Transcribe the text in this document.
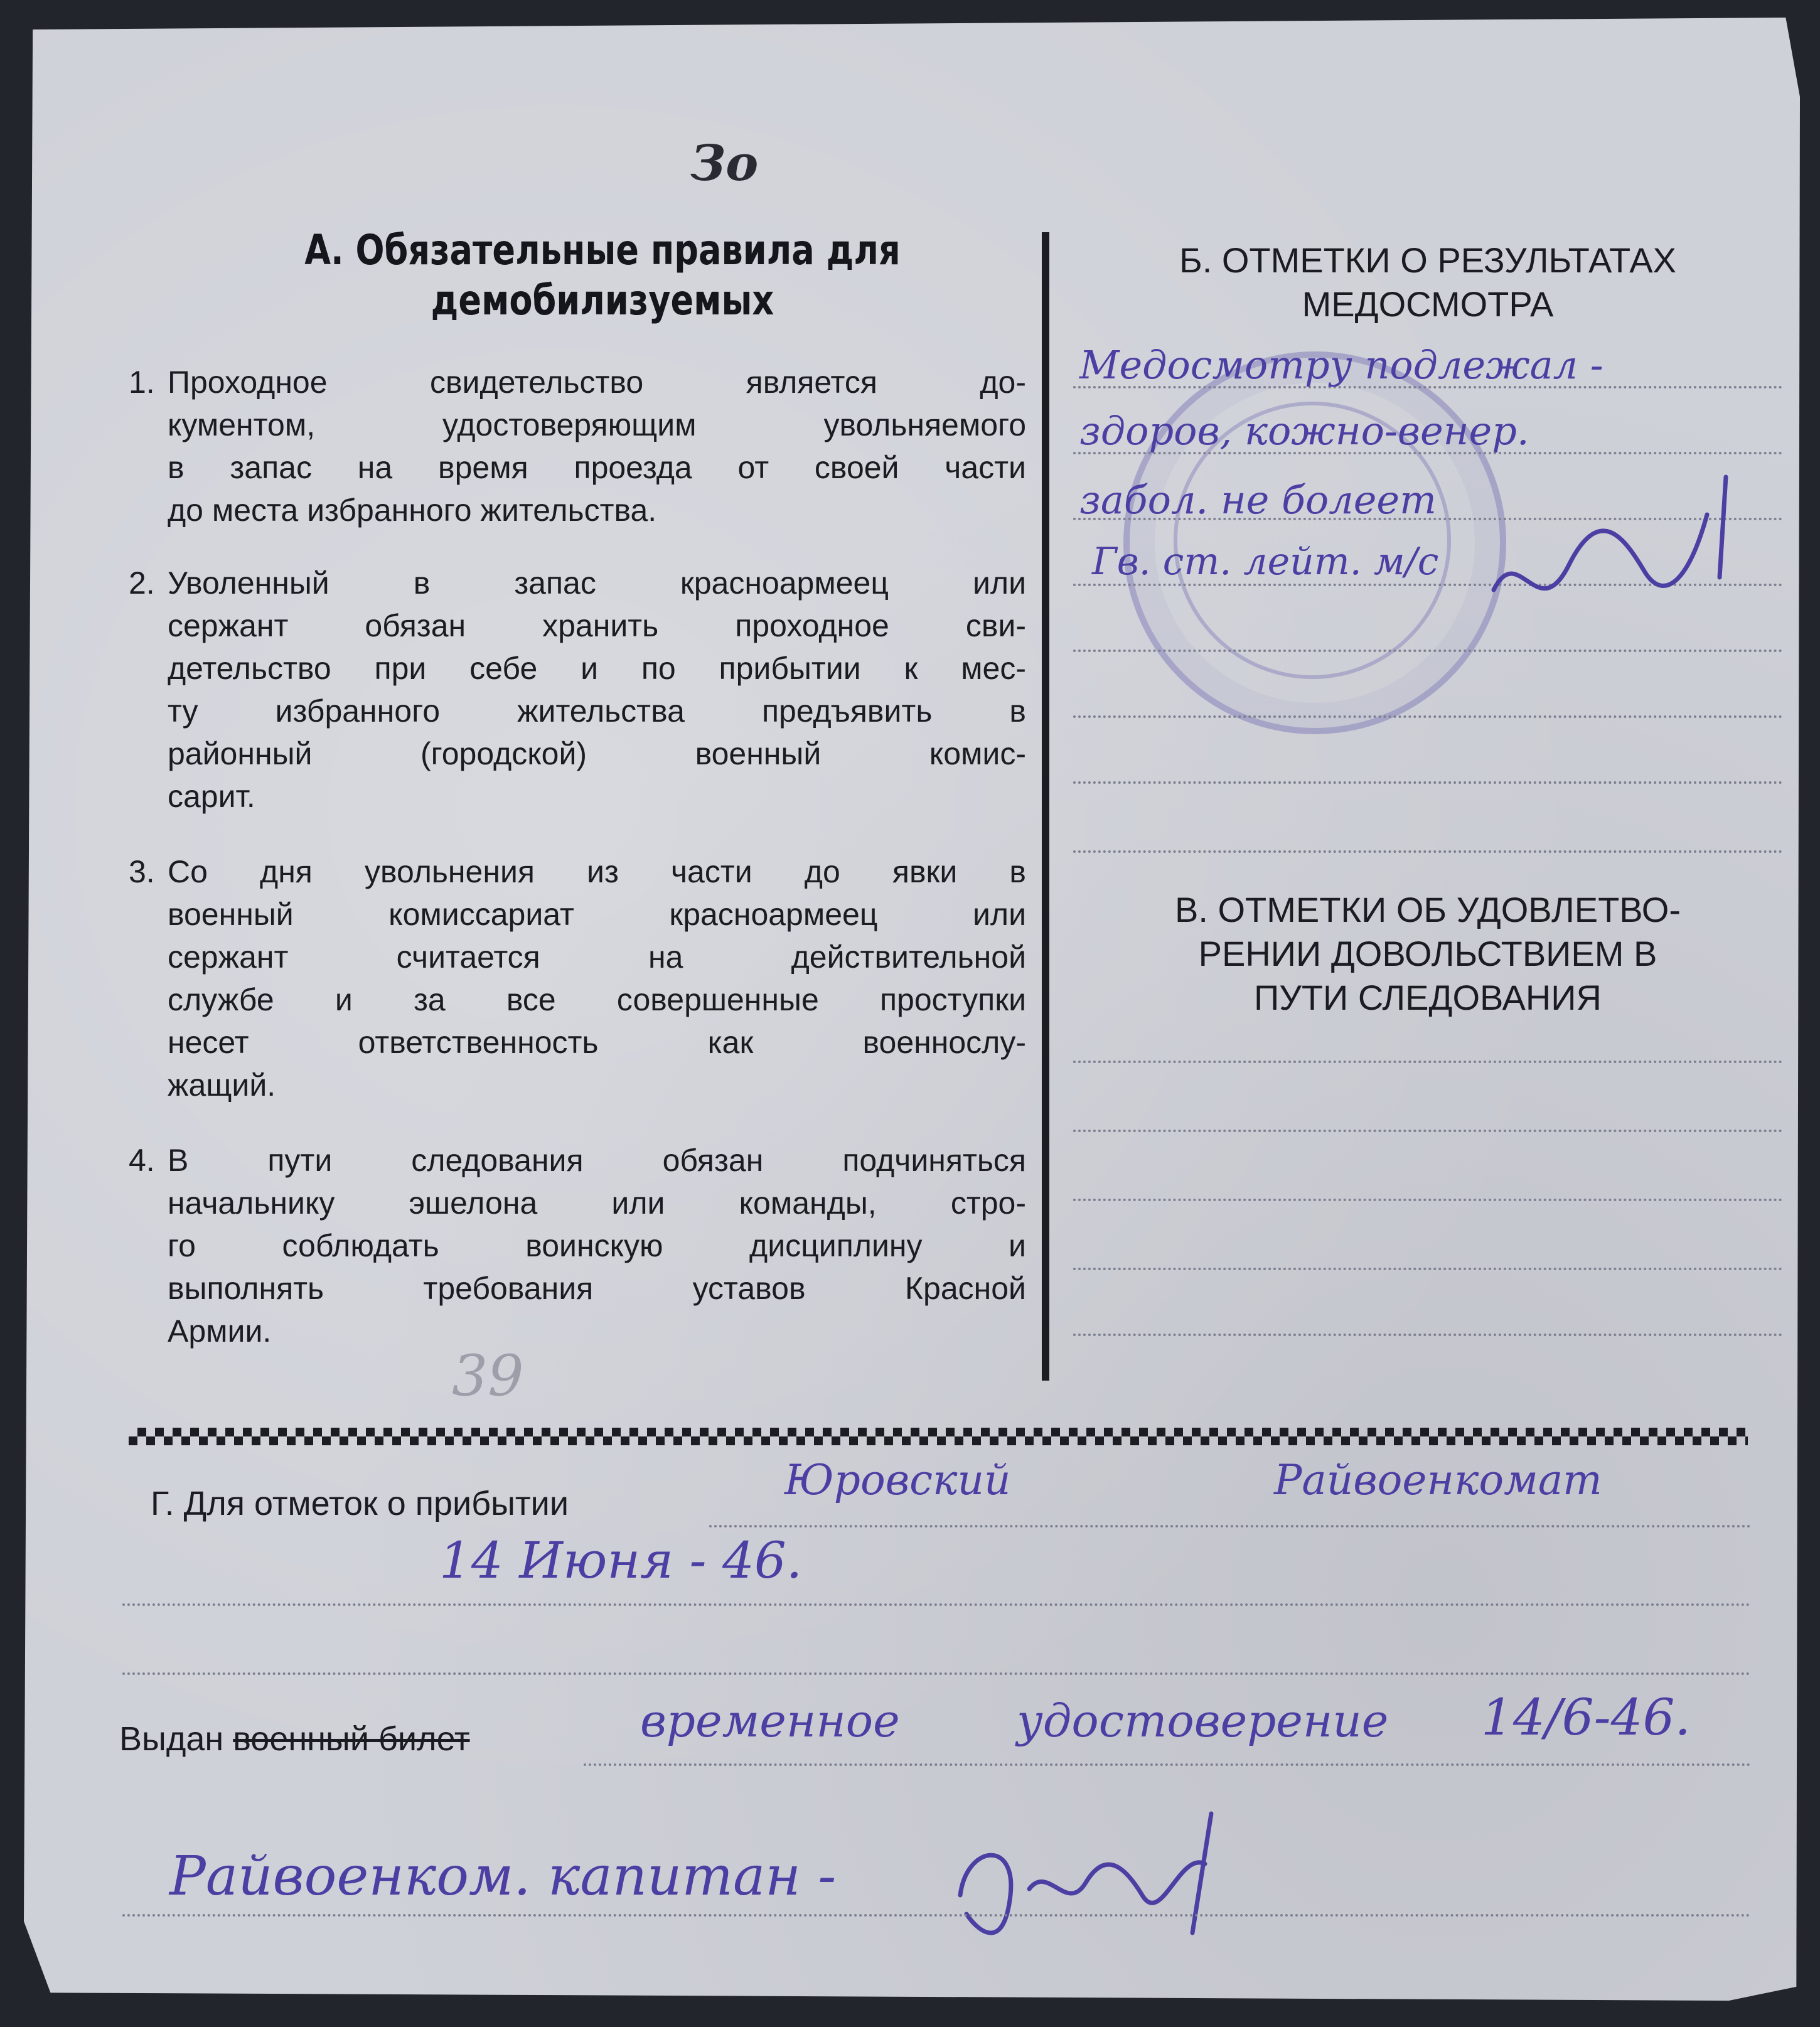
Зо
А. Обязательные правила для
демобилизуемых
1. Проходное свидетельство является до-
кументом, удостоверяющим увольняемого
в запас на время проезда от своей части
до места избранного жительства.
2. Уволенный в запас красноармеец или
сержант обязан хранить проходное сви-
детельство при себе и по прибытии к мес-
ту избранного жительства предъявить в
районный (городской) военный комис-
сарит.
3. Со дня увольнения из части до явки в
военный комиссариат красноармеец или
сержант считается на действительной
службе и за все совершенные проступки
несет ответственность как военнослу-
жащий.
4. В пути следования обязан подчиняться
начальнику эшелона или команды, стро-
го соблюдать воинскую дисциплину и
выполнять требования уставов Красной
Армии.
Б. ОТМЕТКИ О РЕЗУЛЬТАТАХ
МЕДОСМОТРА
Медосмотру подлежал -
здоров, кожно-венер.
забол. не болеет
Гв. ст. лейт. м/с
В. ОТМЕТКИ ОБ УДОВЛЕТВО-
РЕНИИ ДОВОЛЬСТВИЕМ В
ПУТИ СЛЕДОВАНИЯ
39
Г. Для отметок о прибытии	Юровский	Райвоенкомат
14 Июня - 46.
Выдан военный билет	временное	удостоверение 14/6-46.
Райвоенком. капитан -
